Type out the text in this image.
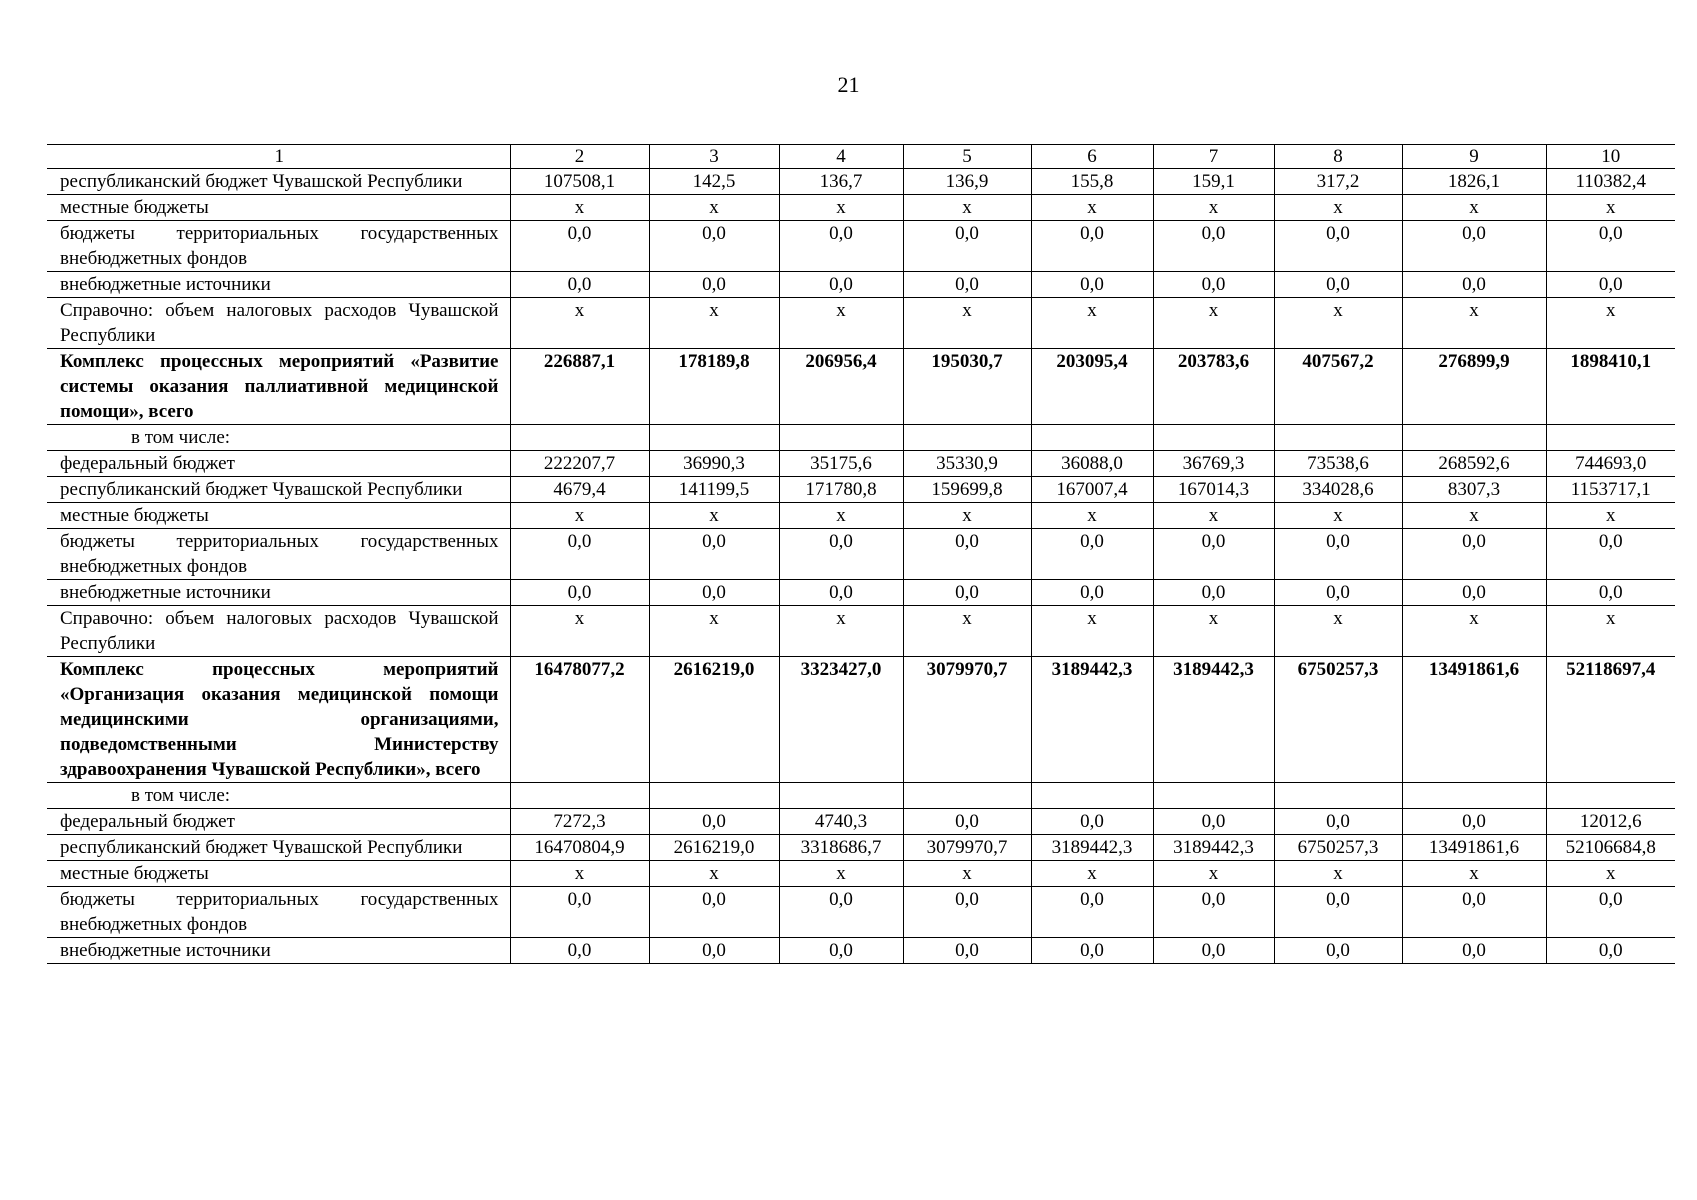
21
1	2	3	4	5	6	7	8	9	10
республиканский бюджет Чувашской Республики	107508,1	142,5	136,7	136,9	155,8	159,1	317,2	1826,1	110382,4
местные бюджеты	x	x	x	x	x	x	x	x	x
бюджеты территориальных государственных внебюджетных фондов	0,0	0,0	0,0	0,0	0,0	0,0	0,0	0,0	0,0
внебюджетные источники	0,0	0,0	0,0	0,0	0,0	0,0	0,0	0,0	0,0
Справочно: объем налоговых расходов Чувашской Республики	x	x	x	x	x	x	x	x	x
Комплекс процессных мероприятий «Развитие системы оказания паллиативной медицинской помощи», всего	226887,1	178189,8	206956,4	195030,7	203095,4	203783,6	407567,2	276899,9	1898410,1
в том числе:									
федеральный бюджет	222207,7	36990,3	35175,6	35330,9	36088,0	36769,3	73538,6	268592,6	744693,0
республиканский бюджет Чувашской Республики	4679,4	141199,5	171780,8	159699,8	167007,4	167014,3	334028,6	8307,3	1153717,1
местные бюджеты	x	x	x	x	x	x	x	x	x
бюджеты территориальных государственных внебюджетных фондов	0,0	0,0	0,0	0,0	0,0	0,0	0,0	0,0	0,0
внебюджетные источники	0,0	0,0	0,0	0,0	0,0	0,0	0,0	0,0	0,0
Справочно: объем налоговых расходов Чувашской Республики	x	x	x	x	x	x	x	x	x
Комплекс процессных мероприятий «Организация оказания медицинской помощи медицинскими организациями, подведомственными Министерству здравоохранения Чувашской Республики», всего	16478077,2	2616219,0	3323427,0	3079970,7	3189442,3	3189442,3	6750257,3	13491861,6	52118697,4
в том числе:									
федеральный бюджет	7272,3	0,0	4740,3	0,0	0,0	0,0	0,0	0,0	12012,6
республиканский бюджет Чувашской Республики	16470804,9	2616219,0	3318686,7	3079970,7	3189442,3	3189442,3	6750257,3	13491861,6	52106684,8
местные бюджеты	x	x	x	x	x	x	x	x	x
бюджеты территориальных государственных внебюджетных фондов	0,0	0,0	0,0	0,0	0,0	0,0	0,0	0,0	0,0
внебюджетные источники	0,0	0,0	0,0	0,0	0,0	0,0	0,0	0,0	0,0
